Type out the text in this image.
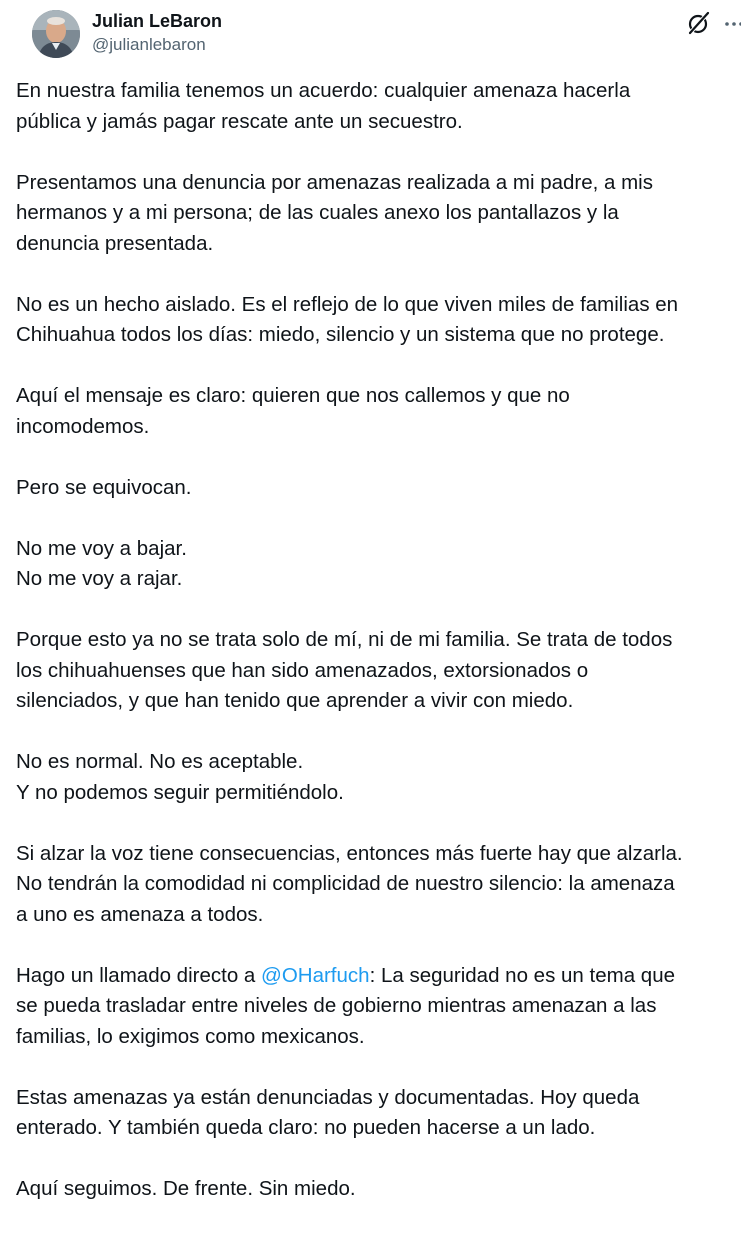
Julian LeBaron
@julianlebaron

En nuestra familia tenemos un acuerdo: cualquier amenaza hacerla
pública y jamás pagar rescate ante un secuestro.

Presentamos una denuncia por amenazas realizada a mi padre, a mis
hermanos y a mi persona; de las cuales anexo los pantallazos y la
denuncia presentada.

No es un hecho aislado. Es el reflejo de lo que viven miles de familias en
Chihuahua todos los días: miedo, silencio y un sistema que no protege.

Aquí el mensaje es claro: quieren que nos callemos y que no
incomodemos.

Pero se equivocan.

No me voy a bajar.
No me voy a rajar.

Porque esto ya no se trata solo de mí, ni de mi familia. Se trata de todos
los chihuahuenses que han sido amenazados, extorsionados o
silenciados, y que han tenido que aprender a vivir con miedo.

No es normal. No es aceptable.
Y no podemos seguir permitiéndolo.

Si alzar la voz tiene consecuencias, entonces más fuerte hay que alzarla.
No tendrán la comodidad ni complicidad de nuestro silencio: la amenaza
a uno es amenaza a todos.

Hago un llamado directo a @OHarfuch: La seguridad no es un tema que
se pueda trasladar entre niveles de gobierno mientras amenazan a las
familias, lo exigimos como mexicanos.

Estas amenazas ya están denunciadas y documentadas. Hoy queda
enterado. Y también queda claro: no pueden hacerse a un lado.

Aquí seguimos. De frente. Sin miedo.
